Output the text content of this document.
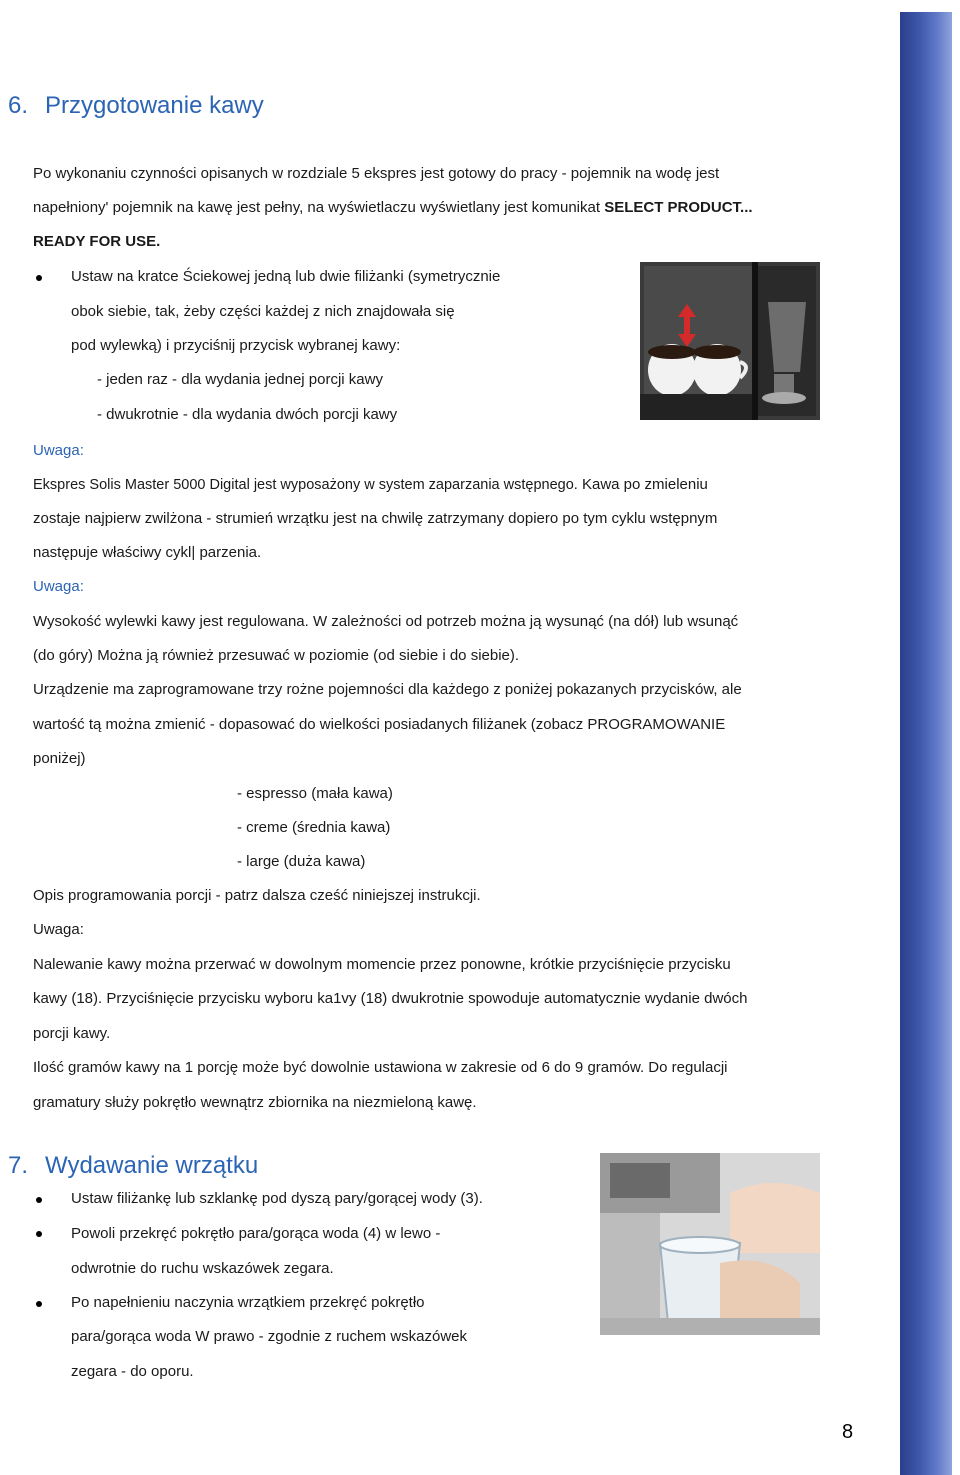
6. Przygotowanie kawy
Po wykonaniu czynności opisanych w rozdziale 5 ekspres jest gotowy do pracy - pojemnik na wodę jest
napełniony' pojemnik na kawę jest pełny, na wyświetlaczu wyświetlany jest komunikat SELECT PRODUCT...
READY FOR USE.
Ustaw na kratce Ściekowej jedną lub dwie filiżanki (symetrycznie
obok siebie, tak, żeby części każdej z nich znajdowała się
pod wylewką) i przyciśnij przycisk wybranej kawy:
- jeden raz - dla wydania jednej porcji kawy
- dwukrotnie - dla wydania dwóch porcji kawy
Uwaga:
Ekspres Solis Master 5000 Digital jest wyposażony w system zaparzania wstępnego. Kawa po zmieleniu
zostaje najpierw zwilżona - strumień wrzątku jest na chwilę zatrzymany dopiero po tym cyklu wstępnym
następuje właściwy cykl| parzenia.
Uwaga:
Wysokość wylewki kawy jest regulowana. W zależności od potrzeb można ją wysunąć (na dół) lub wsunąć
(do góry) Można ją również przesuwać w poziomie (od siebie i do siebie).
Urządzenie ma zaprogramowane trzy rożne pojemności dla każdego z poniżej pokazanych przycisków, ale
wartość tą można zmienić - dopasować do wielkości posiadanych filiżanek (zobacz PROGRAMOWANIE
poniżej)
- espresso (mała kawa)
- creme (średnia kawa)
- large (duża kawa)
Opis programowania porcji - patrz dalsza cześć niniejszej instrukcji.
Uwaga:
Nalewanie kawy można przerwać w dowolnym momencie przez ponowne, krótkie przyciśnięcie przycisku
kawy (18). Przyciśnięcie przycisku wyboru ka1vy (18) dwukrotnie spowoduje automatycznie wydanie dwóch
porcji kawy.
Ilość gramów kawy na 1 porcję może być dowolnie ustawiona w zakresie od 6 do 9 gramów. Do regulacji
gramatury służy pokrętło wewnątrz zbiornika na niezmieloną kawę.
7. Wydawanie wrzątku
Ustaw filiżankę lub szklankę pod dyszą pary/gorącej wody (3).
Powoli przekręć pokrętło para/gorąca woda (4) w lewo -
odwrotnie do ruchu wskazówek zegara.
Po napełnieniu naczynia wrzątkiem przekręć pokrętło
para/gorąca woda W prawo - zgodnie z ruchem wskazówek
zegara - do oporu.
8
